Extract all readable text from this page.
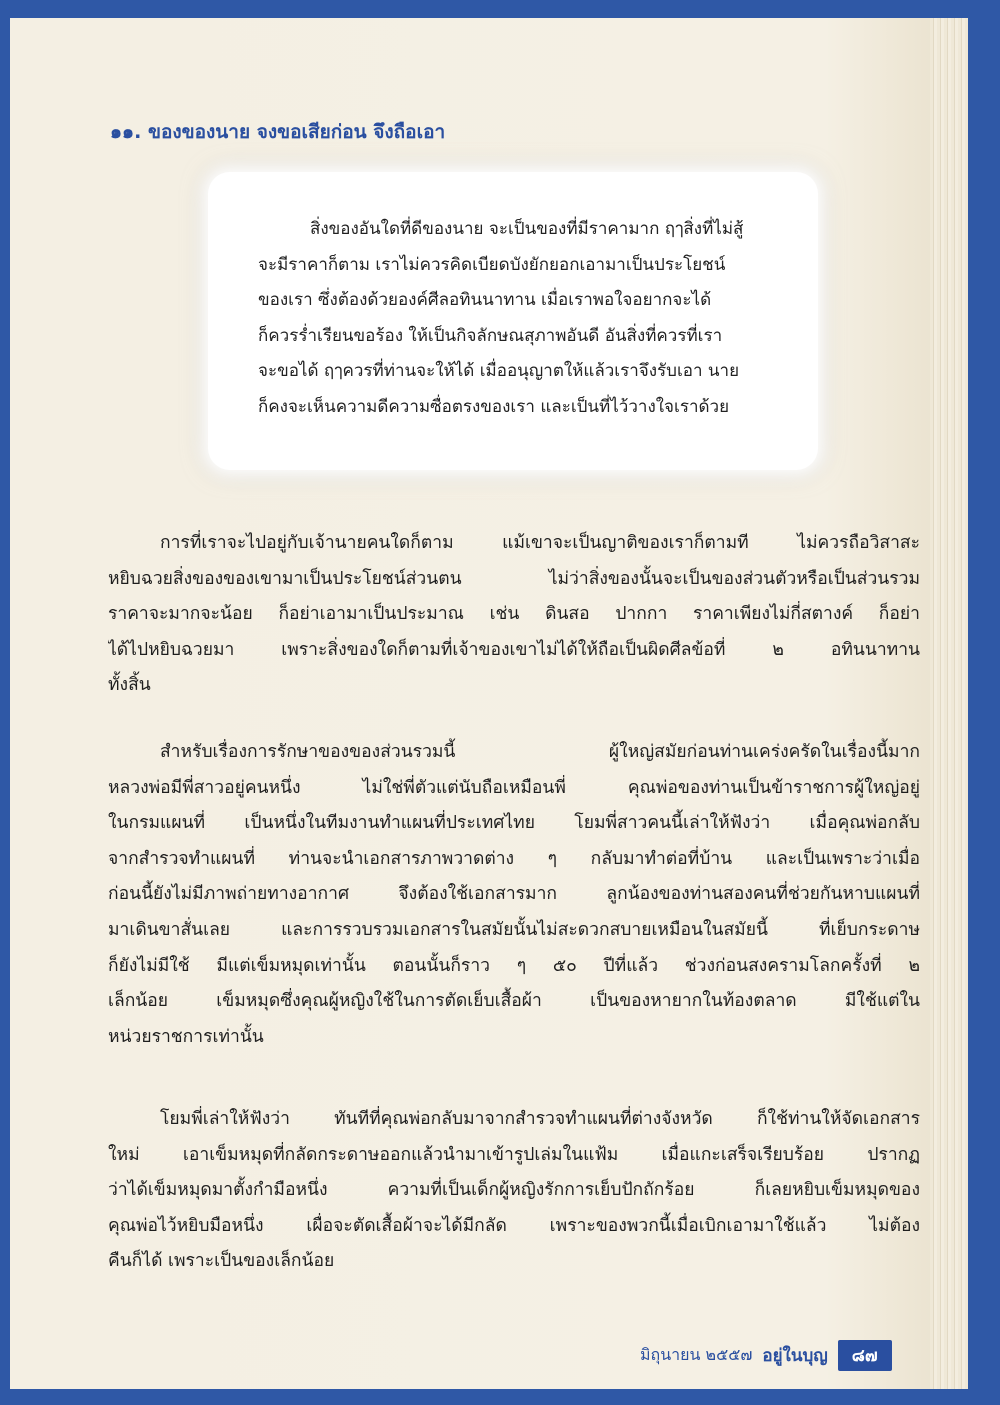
๑๑. ของของนาย จงขอเสียก่อน จึงถือเอา
สิ่งของอันใดที่ดีของนาย จะเป็นของที่มีราคามาก ฤๅสิ่งที่ไม่สู้
จะมีราคาก็ตาม เราไม่ควรคิดเบียดบังยักยอกเอามาเป็นประโยชน์
ของเรา ซึ่งต้องด้วยองค์ศีลอทินนาทาน เมื่อเราพอใจอยากจะได้
ก็ควรร่ำเรียนขอร้อง ให้เป็นกิจลักษณสุภาพอันดี อันสิ่งที่ควรที่เรา
จะขอได้ ฤๅควรที่ท่านจะให้ได้ เมื่ออนุญาตให้แล้วเราจึงรับเอา นาย
ก็คงจะเห็นความดีความซื่อตรงของเรา และเป็นที่ไว้วางใจเราด้วย
การที่เราจะไปอยู่กับเจ้านายคนใดก็ตาม แม้เขาจะเป็นญาติของเราก็ตามที ไม่ควรถือวิสาสะ
หยิบฉวยสิ่งของของเขามาเป็นประโยชน์ส่วนตน ไม่ว่าสิ่งของนั้นจะเป็นของส่วนตัวหรือเป็นส่วนรวม
ราคาจะมากจะน้อย ก็อย่าเอามาเป็นประมาณ เช่น ดินสอ ปากกา ราคาเพียงไม่กี่สตางค์ ก็อย่า
ได้ไปหยิบฉวยมา เพราะสิ่งของใดก็ตามที่เจ้าของเขาไม่ได้ให้ถือเป็นผิดศีลข้อที่ ๒ อทินนาทาน
ทั้งสิ้น
สำหรับเรื่องการรักษาของของส่วนรวมนี้ ผู้ใหญ่สมัยก่อนท่านเคร่งครัดในเรื่องนี้มาก
หลวงพ่อมีพี่สาวอยู่คนหนึ่ง ไม่ใช่พี่ตัวแต่นับถือเหมือนพี่ คุณพ่อของท่านเป็นข้าราชการผู้ใหญ่อยู่
ในกรมแผนที่ เป็นหนึ่งในทีมงานทำแผนที่ประเทศไทย โยมพี่สาวคนนี้เล่าให้ฟังว่า เมื่อคุณพ่อกลับ
จากสำรวจทำแผนที่ ท่านจะนำเอกสารภาพวาดต่าง ๆ กลับมาทำต่อที่บ้าน และเป็นเพราะว่าเมื่อ
ก่อนนี้ยังไม่มีภาพถ่ายทางอากาศ จึงต้องใช้เอกสารมาก ลูกน้องของท่านสองคนที่ช่วยกันหาบแผนที่
มาเดินขาสั่นเลย และการรวบรวมเอกสารในสมัยนั้นไม่สะดวกสบายเหมือนในสมัยนี้ ที่เย็บกระดาษ
ก็ยังไม่มีใช้ มีแต่เข็มหมุดเท่านั้น ตอนนั้นก็ราว ๆ ๕๐ ปีที่แล้ว ช่วงก่อนสงครามโลกครั้งที่ ๒
เล็กน้อย เข็มหมุดซึ่งคุณผู้หญิงใช้ในการตัดเย็บเสื้อผ้า เป็นของหายากในท้องตลาด มีใช้แต่ใน
หน่วยราชการเท่านั้น
โยมพี่เล่าให้ฟังว่า ทันทีที่คุณพ่อกลับมาจากสำรวจทำแผนที่ต่างจังหวัด ก็ใช้ท่านให้จัดเอกสาร
ใหม่ เอาเข็มหมุดที่กลัดกระดาษออกแล้วนำมาเข้ารูปเล่มในแฟ้ม เมื่อแกะเสร็จเรียบร้อย ปรากฏ
ว่าได้เข็มหมุดมาตั้งกำมือหนึ่ง ความที่เป็นเด็กผู้หญิงรักการเย็บปักถักร้อย ก็เลยหยิบเข็มหมุดของ
คุณพ่อไว้หยิบมือหนึ่ง เผื่อจะตัดเสื้อผ้าจะได้มีกลัด เพราะของพวกนี้เมื่อเบิกเอามาใช้แล้ว ไม่ต้อง
คืนก็ได้ เพราะเป็นของเล็กน้อย
มิถุนายน ๒๕๕๗ อยู่ในบุญ	๘๗
